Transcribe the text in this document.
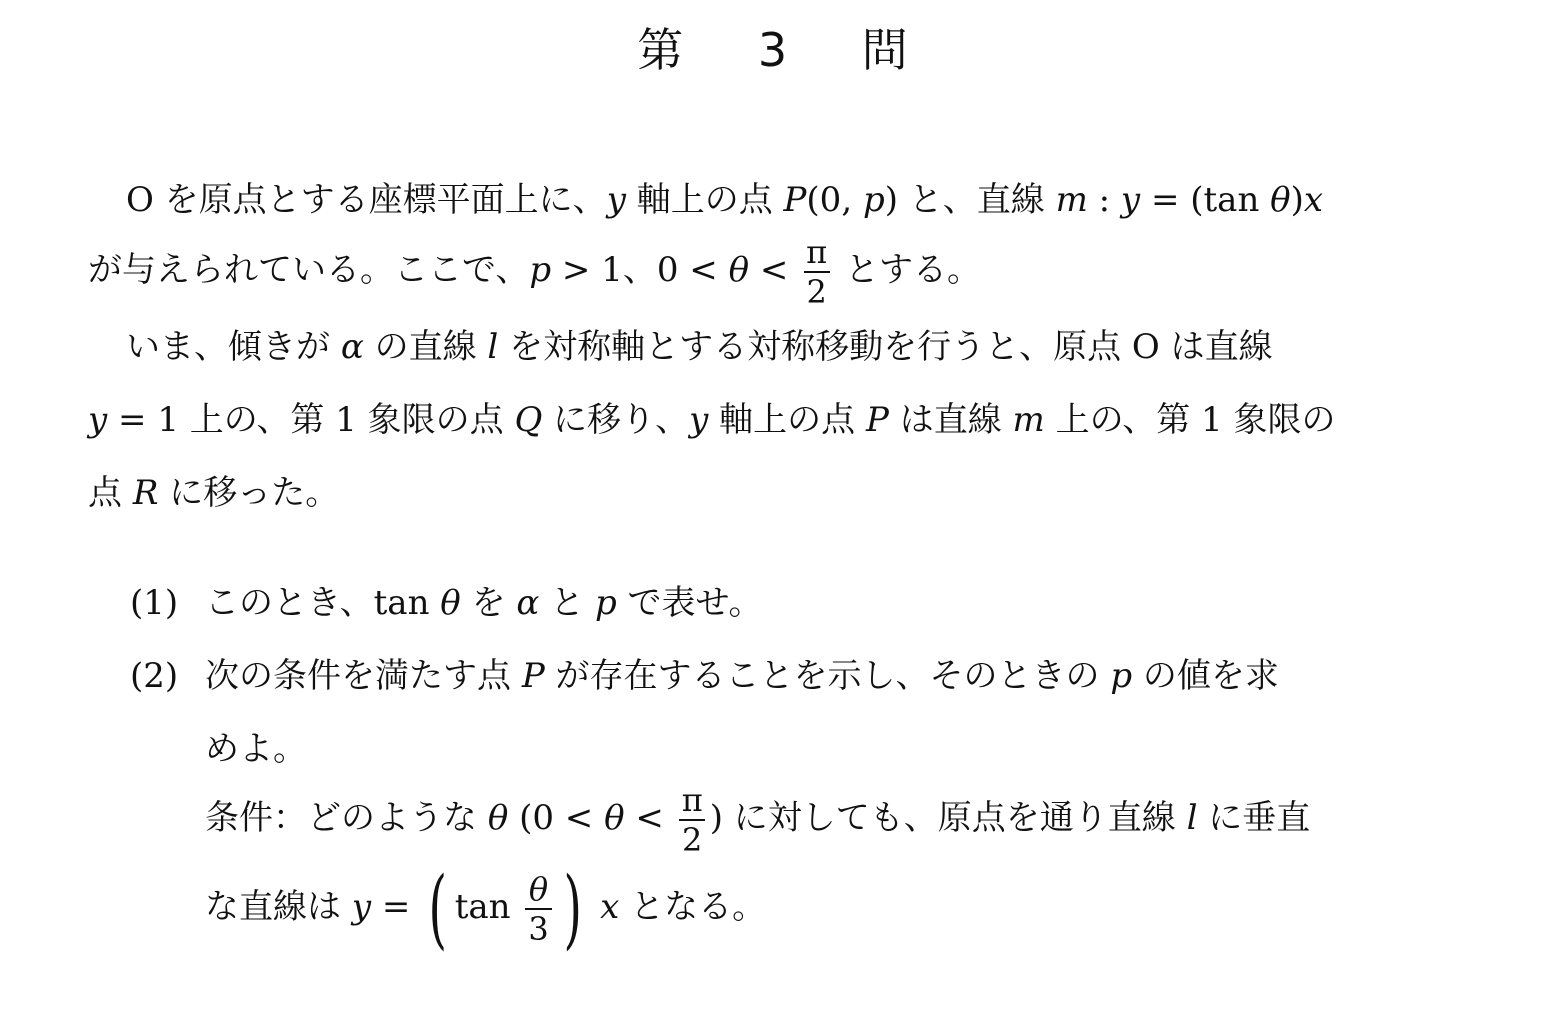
第 3 問
O を原点とする座標平面上に、y 軸上の点 P(0, p) と、直線 m : y = (tan θ)x
が与えられている。ここで、p > 1、$0 < \theta < \frac{\pi}{2}$ とする。
いま、傾きが α の直線 l を対称軸とする対称移動を行うと、原点 O は直線
y = 1 上の、第 1 象限の点 Q に移り、y 軸上の点 P は直線 m 上の、第 1 象限の
点 R に移った。
(1) このとき、tan θ を α と p で表せ。
(2) 次の条件を満たす点 P が存在することを示し、そのときの p の値を求
めよ。
条件：どのような θ ($0 < \theta < \frac{\pi}{2}$ ) に対しても、原点を通り直線 l に垂直
な直線は y = ( $\tan \frac{\theta}{3}$ ) x となる。
